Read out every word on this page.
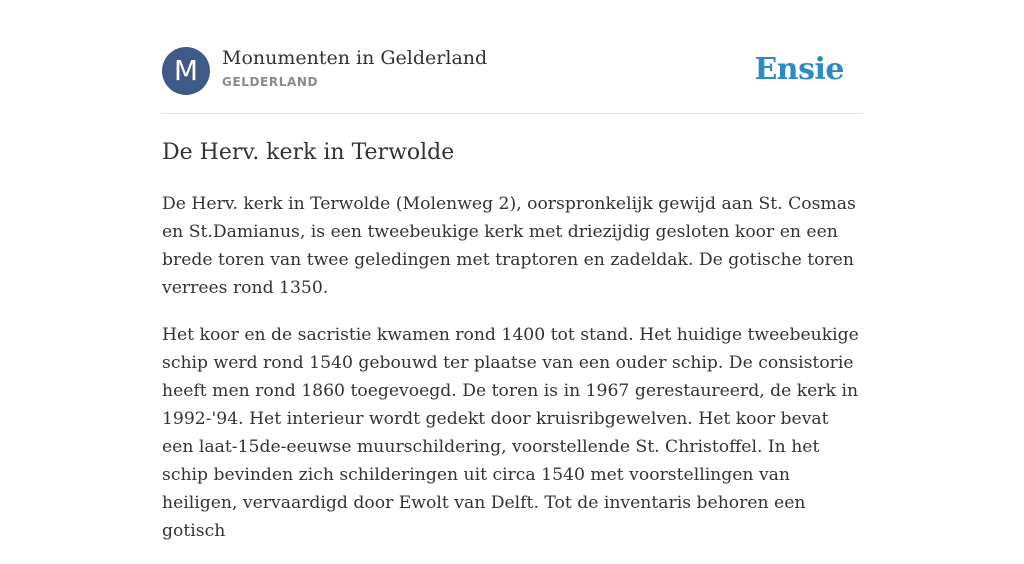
M	Monumenten in Gelderland
GELDERLAND	Ensie
De Herv. kerk in Terwolde

De Herv. kerk in Terwolde (Molenweg 2), oorspronkelijk gewijd aan St. Cosmas en St.Damianus, is een tweebeukige kerk met driezijdig gesloten koor en een brede toren van twee geledingen met traptoren en zadeldak. De gotische toren verrees rond 1350.

Het koor en de sacristie kwamen rond 1400 tot stand. Het huidige tweebeukige schip werd rond 1540 gebouwd ter plaatse van een ouder schip. De consistorie heeft men rond 1860 toegevoegd. De toren is in 1967 gerestaureerd, de kerk in 1992-'94. Het interieur wordt gedekt door kruisribgewelven. Het koor bevat een laat-15de-eeuwse muurschildering, voorstellende St. Christoffel. In het schip bevinden zich schilderingen uit circa 1540 met voorstellingen van heiligen, vervaardigd door Ewolt van Delft. Tot de inventaris behoren een gotisch
